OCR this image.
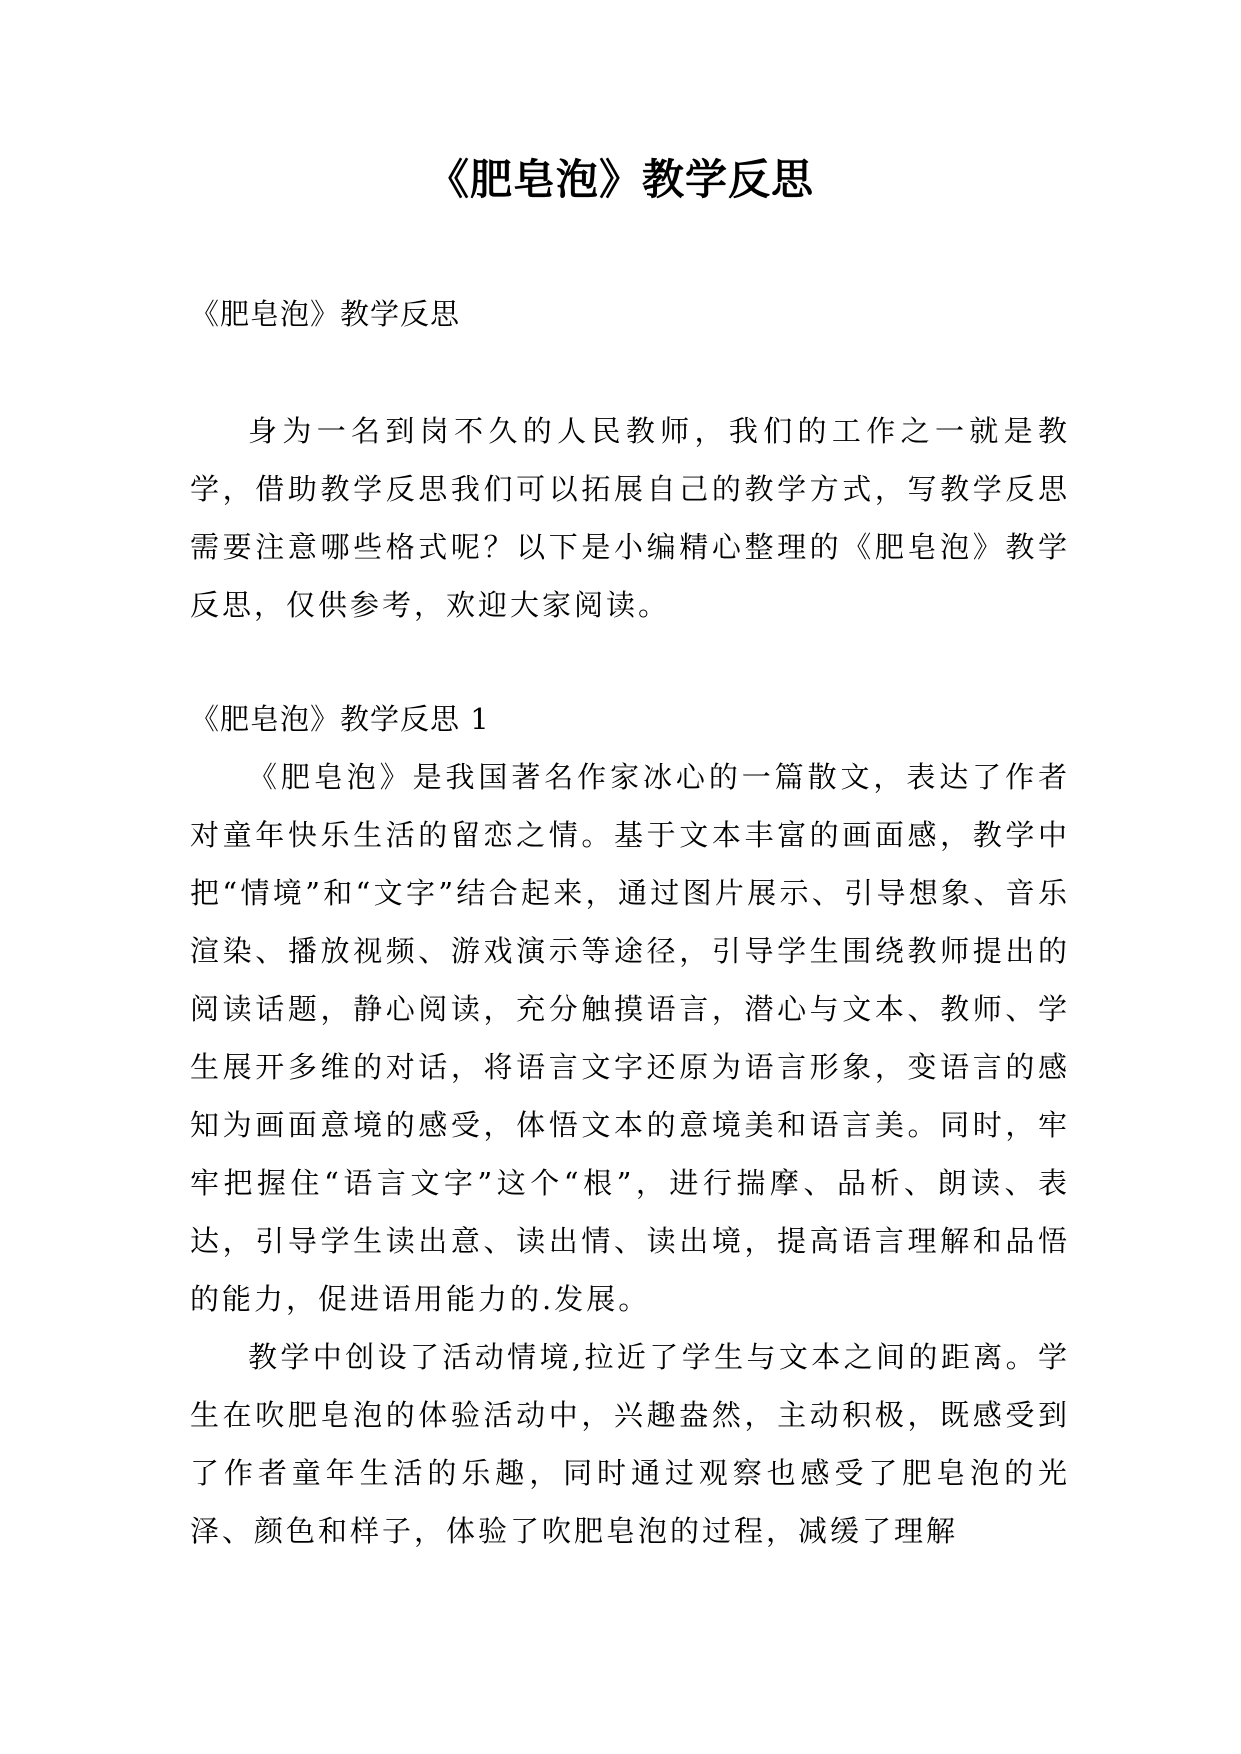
《肥皂泡》教学反思
《肥皂泡》教学反思

身为一名到岗不久的人民教师，我们的工作之一就是教学，借助教学反思我们可以拓展自己的教学方式，写教学反思需要注意哪些格式呢？以下是小编精心整理的《肥皂泡》教学反思，仅供参考，欢迎大家阅读。

《肥皂泡》教学反思 1

《肥皂泡》是我国著名作家冰心的一篇散文，表达了作者对童年快乐生活的留恋之情。基于文本丰富的画面感，教学中把“情境”和“文字”结合起来，通过图片展示、引导想象、音乐渲染、播放视频、游戏演示等途径，引导学生围绕教师提出的阅读话题，静心阅读，充分触摸语言，潜心与文本、教师、学生展开多维的对话，将语言文字还原为语言形象，变语言的感知为画面意境的感受，体悟文本的意境美和语言美。同时，牢牢把握住“语言文字”这个“根”，进行揣摩、品析、朗读、表达，引导学生读出意、读出情、读出境，提高语言理解和品悟的能力，促进语用能力的.发展。

教学中创设了活动情境,拉近了学生与文本之间的距离。学生在吹肥皂泡的体验活动中，兴趣盎然，主动积极，既感受到了作者童年生活的乐趣，同时通过观察也感受了肥皂泡的光泽、颜色和样子，体验了吹肥皂泡的过程，减缓了理解
